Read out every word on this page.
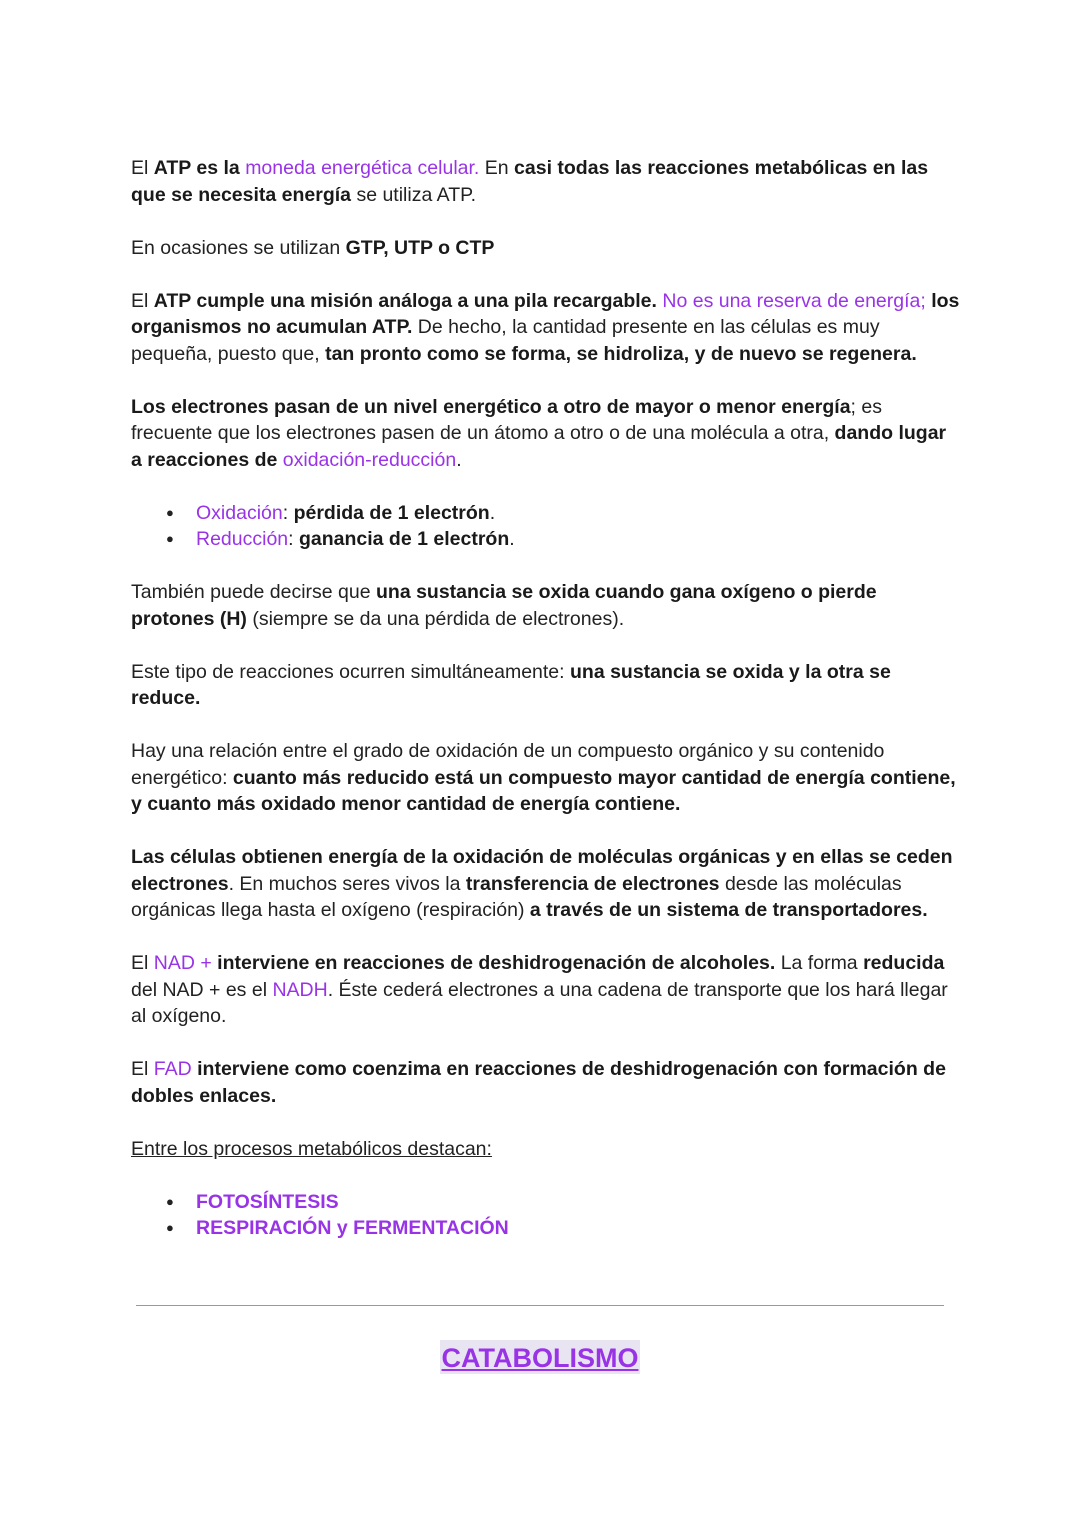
El ATP es la moneda energética celular. En casi todas las reacciones metabólicas en las que se necesita energía se utiliza ATP.

En ocasiones se utilizan GTP, UTP o CTP

El ATP cumple una misión análoga a una pila recargable. No es una reserva de energía; los organismos no acumulan ATP. De hecho, la cantidad presente en las células es muy pequeña, puesto que, tan pronto como se forma, se hidroliza, y de nuevo se regenera.

Los electrones pasan de un nivel energético a otro de mayor o menor energía; es frecuente que los electrones pasen de un átomo a otro o de una molécula a otra, dando lugar a reacciones de oxidación-reducción.

● Oxidación: pérdida de 1 electrón.
● Reducción: ganancia de 1 electrón.

También puede decirse que una sustancia se oxida cuando gana oxígeno o pierde protones (H) (siempre se da una pérdida de electrones).

Este tipo de reacciones ocurren simultáneamente: una sustancia se oxida y la otra se reduce.

Hay una relación entre el grado de oxidación de un compuesto orgánico y su contenido energético: cuanto más reducido está un compuesto mayor cantidad de energía contiene, y cuanto más oxidado menor cantidad de energía contiene.

Las células obtienen energía de la oxidación de moléculas orgánicas y en ellas se ceden electrones. En muchos seres vivos la transferencia de electrones desde las moléculas orgánicas llega hasta el oxígeno (respiración) a través de un sistema de transportadores.

El NAD + interviene en reacciones de deshidrogenación de alcoholes. La forma reducida del NAD + es el NADH. Éste cederá electrones a una cadena de transporte que los hará llegar al oxígeno.

El FAD interviene como coenzima en reacciones de deshidrogenación con formación de dobles enlaces.

Entre los procesos metabólicos destacan:

● FOTOSÍNTESIS
● RESPIRACIÓN y FERMENTACIÓN
CATABOLISMO
